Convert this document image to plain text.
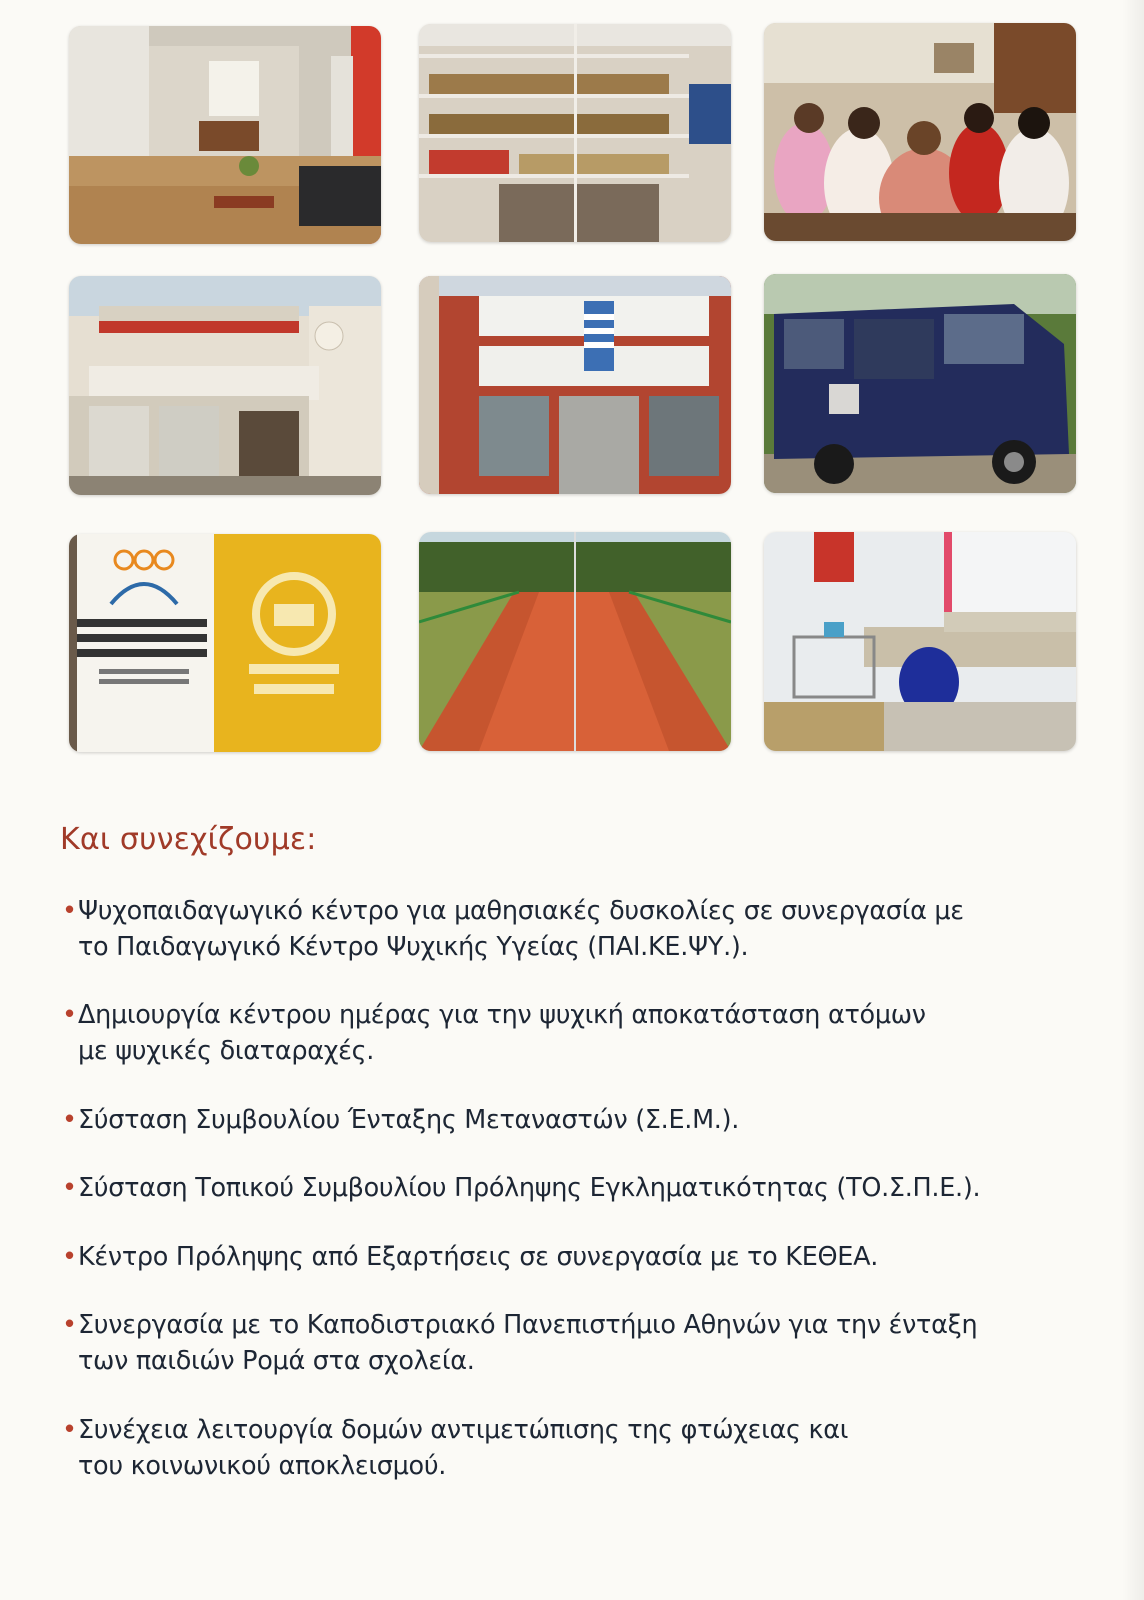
Και συνεχίζουμε:
• Ψυχοπαιδαγωγικό κέντρο για μαθησιακές δυσκολίες σε συνεργασία με
το Παιδαγωγικό Κέντρο Ψυχικής Υγείας (ΠΑΙ.ΚΕ.ΨΥ.).
• Δημιουργία κέντρου ημέρας για την ψυχική αποκατάσταση ατόμων
με ψυχικές διαταραχές.
• Σύσταση Συμβουλίου Ένταξης Μεταναστών (Σ.Ε.Μ.).
• Σύσταση Τοπικού Συμβουλίου Πρόληψης Εγκληματικότητας (ΤΟ.Σ.Π.Ε.).
• Κέντρο Πρόληψης από Εξαρτήσεις σε συνεργασία με το ΚΕΘΕΑ.
• Συνεργασία με το Καποδιστριακό Πανεπιστήμιο Αθηνών για την ένταξη
των παιδιών Ρομά στα σχολεία.
• Συνέχεια λειτουργία δομών αντιμετώπισης της φτώχειας και
του κοινωνικού αποκλεισμού.
